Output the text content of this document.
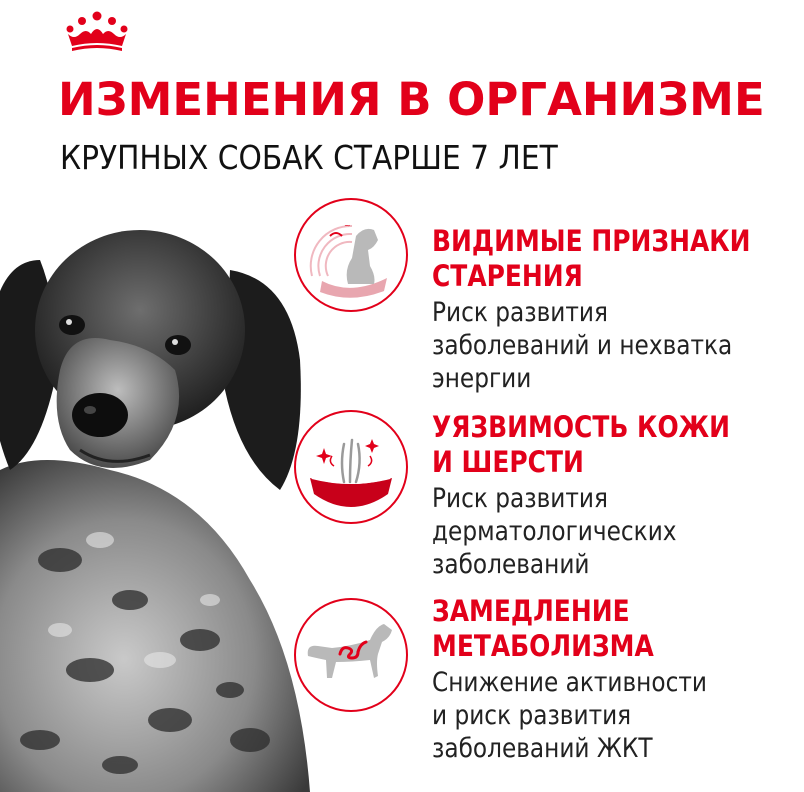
ИЗМЕНЕНИЯ В ОРГАНИЗМЕ
КРУПНЫХ СОБАК СТАРШЕ 7 ЛЕТ
~	ВИДИМЫЕ ПРИЗНАКИ
СТАРЕНИЯ
Риск развития
заболеваний и нехватка
энергии
УЯЗВИМОСТЬ КОЖИ
И ШЕРСТИ
Риск развития
дерматологических
заболеваний
ЗАМЕДЛЕНИЕ
МЕТАБОЛИЗМА
Снижение активности
и риск развития
заболеваний ЖКТ
